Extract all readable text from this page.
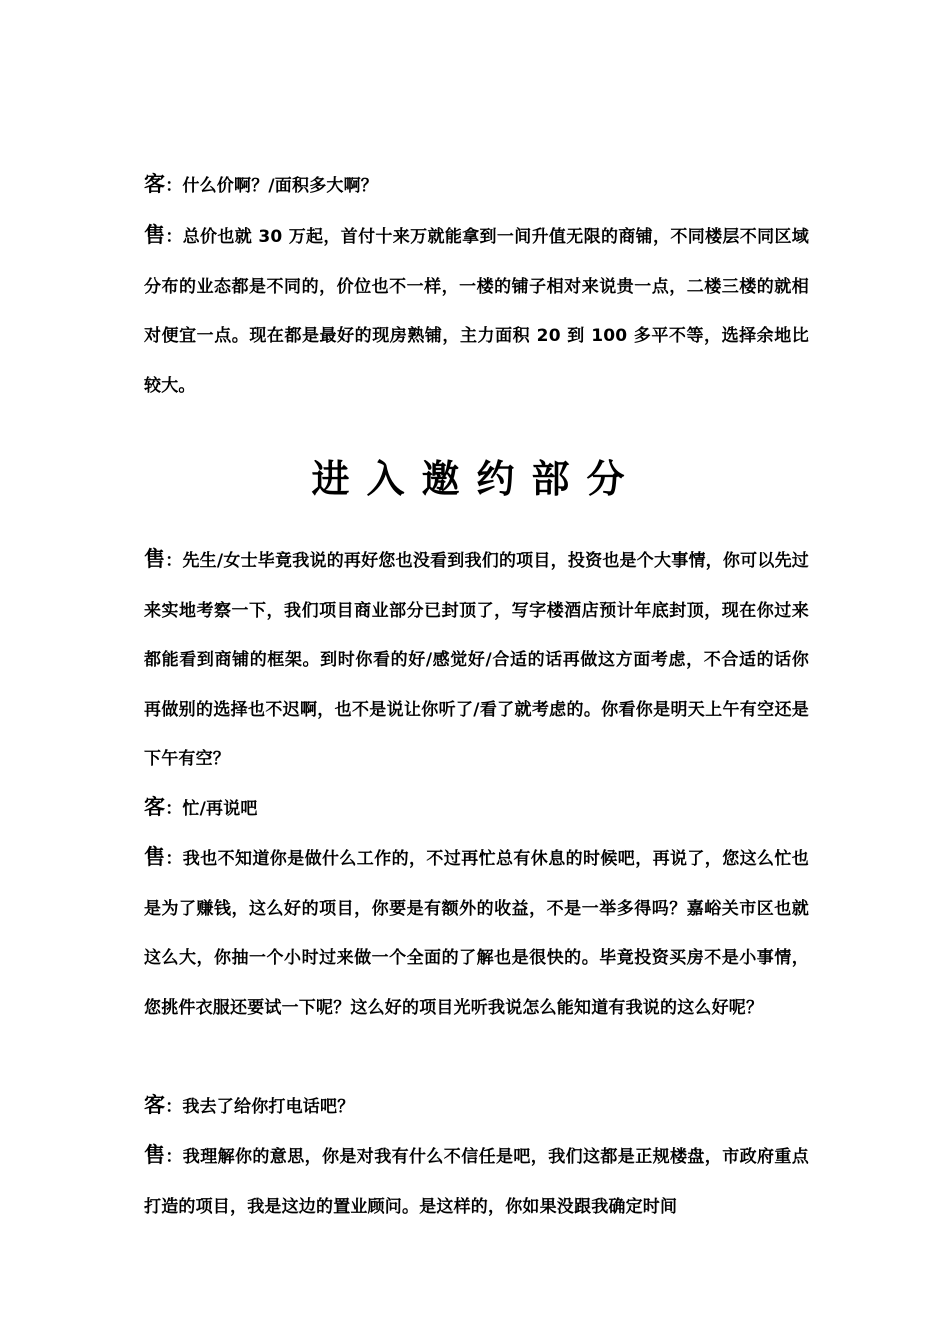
客：什么价啊？/面积多大啊？

售：总价也就 30 万起，首付十来万就能拿到一间升值无限的商铺，不同楼层不同区域分布的业态都是不同的，价位也不一样，一楼的铺子相对来说贵一点，二楼三楼的就相对便宜一点。现在都是最好的现房熟铺，主力面积 20 到 100 多平不等，选择余地比较大。

进入邀约部分

售：先生/女士毕竟我说的再好您也没看到我们的项目，投资也是个大事情，你可以先过来实地考察一下，我们项目商业部分已封顶了，写字楼酒店预计年底封顶，现在你过来都能看到商铺的框架。到时你看的好/感觉好/合适的话再做这方面考虑，不合适的话你再做别的选择也不迟啊，也不是说让你听了/看了就考虑的。你看你是明天上午有空还是下午有空？

客：忙/再说吧

售：我也不知道你是做什么工作的，不过再忙总有休息的时候吧，再说了，您这么忙也是为了赚钱，这么好的项目，你要是有额外的收益，不是一举多得吗？嘉峪关市区也就这么大，你抽一个小时过来做一个全面的了解也是很快的。毕竟投资买房不是小事情，您挑件衣服还要试一下呢？这么好的项目光听我说怎么能知道有我说的这么好呢？

客：我去了给你打电话吧？

售：我理解你的意思，你是对我有什么不信任是吧，我们这都是正规楼盘，市政府重点打造的项目，我是这边的置业顾问。是这样的，你如果没跟我确定时间
